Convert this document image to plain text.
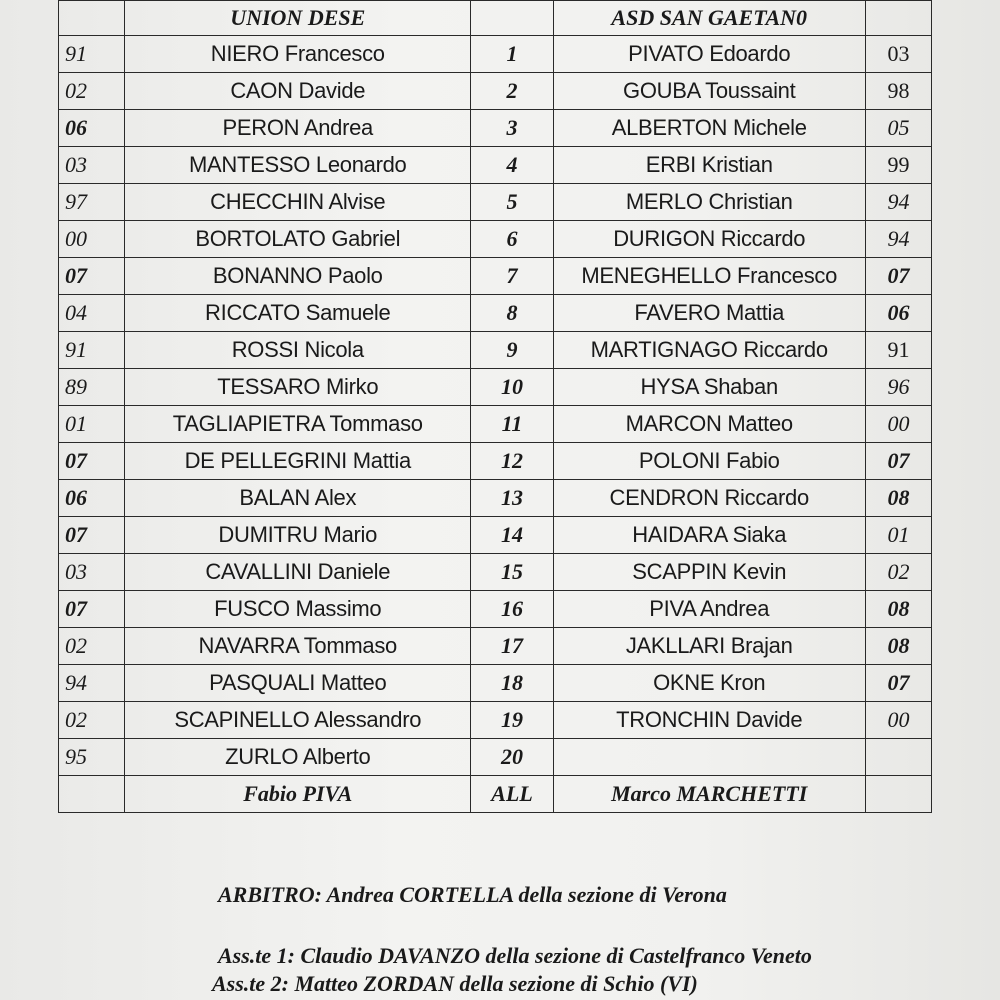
	UNION DESE		ASD SAN GAETAN0	
91	NIERO Francesco	1	PIVATO Edoardo	03
02	CAON Davide	2	GOUBA Toussaint	98
06	PERON Andrea	3	ALBERTON Michele	05
03	MANTESSO Leonardo	4	ERBI Kristian	99
97	CHECCHIN Alvise	5	MERLO Christian	94
00	BORTOLATO Gabriel	6	DURIGON Riccardo	94
07	BONANNO Paolo	7	MENEGHELLO Francesco	07
04	RICCATO Samuele	8	FAVERO Mattia	06
91	ROSSI Nicola	9	MARTIGNAGO Riccardo	91
89	TESSARO Mirko	10	HYSA Shaban	96
01	TAGLIAPIETRA Tommaso	11	MARCON Matteo	00
07	DE PELLEGRINI Mattia	12	POLONI Fabio	07
06	BALAN Alex	13	CENDRON Riccardo	08
07	DUMITRU Mario	14	HAIDARA Siaka	01
03	CAVALLINI Daniele	15	SCAPPIN Kevin	02
07	FUSCO Massimo	16	PIVA Andrea	08
02	NAVARRA Tommaso	17	JAKLLARI Brajan	08
94	PASQUALI Matteo	18	OKNE Kron	07
02	SCAPINELLO Alessandro	19	TRONCHIN Davide	00
95	ZURLO Alberto	20		
	Fabio PIVA	ALL	Marco MARCHETTI	
ARBITRO: Andrea CORTELLA della sezione di Verona
Ass.te 1: Claudio DAVANZO della sezione di Castelfranco Veneto
Ass.te 2: Matteo ZORDAN della sezione di Schio (VI)
